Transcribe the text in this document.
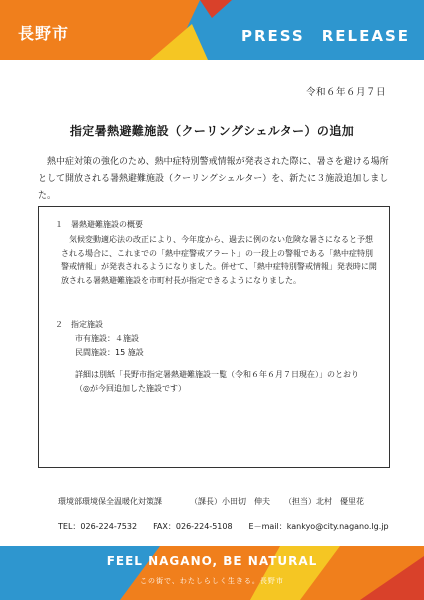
長野市	PRESS　RELEASE
令和６年６月７日
指定暑熱避難施設（クーリングシェルター）の追加

熱中症対策の強化のため、熱中症特別警戒情報が発表された際に、暑さを避ける場所として開放される暑熱避難施設（クーリングシェルター）を、新たに３施設追加しました。

１　暑熱避難施設の概要

気候変動適応法の改正により、今年度から、過去に例のない危険な暑さになると予想される場合に、これまでの「熱中症警戒アラート」の一段上の警報である「熱中症特別警戒情報」が発表されるようになりました。併せて、「熱中症特別警戒情報」発表時に開放される暑熱避難施設を市町村長が指定できるようになりました。

２　指定施設
市有施設：４施設
民間施設：15 施設
詳細は別紙「長野市指定暑熱避難施設一覧（令和６年６月７日現在）」のとおり
（◎が今回追加した施設です）
環境部環境保全温暖化対策課	（課長）小田切　伸夫 （担当）北村　優里花
TEL：026-224-7532　　FAX：026-224-5108　　E－mail：kankyo@city.nagano.lg.jp
FEEL NAGANO, BE NATURAL
この街で、わたしらしく生きる。長野市
